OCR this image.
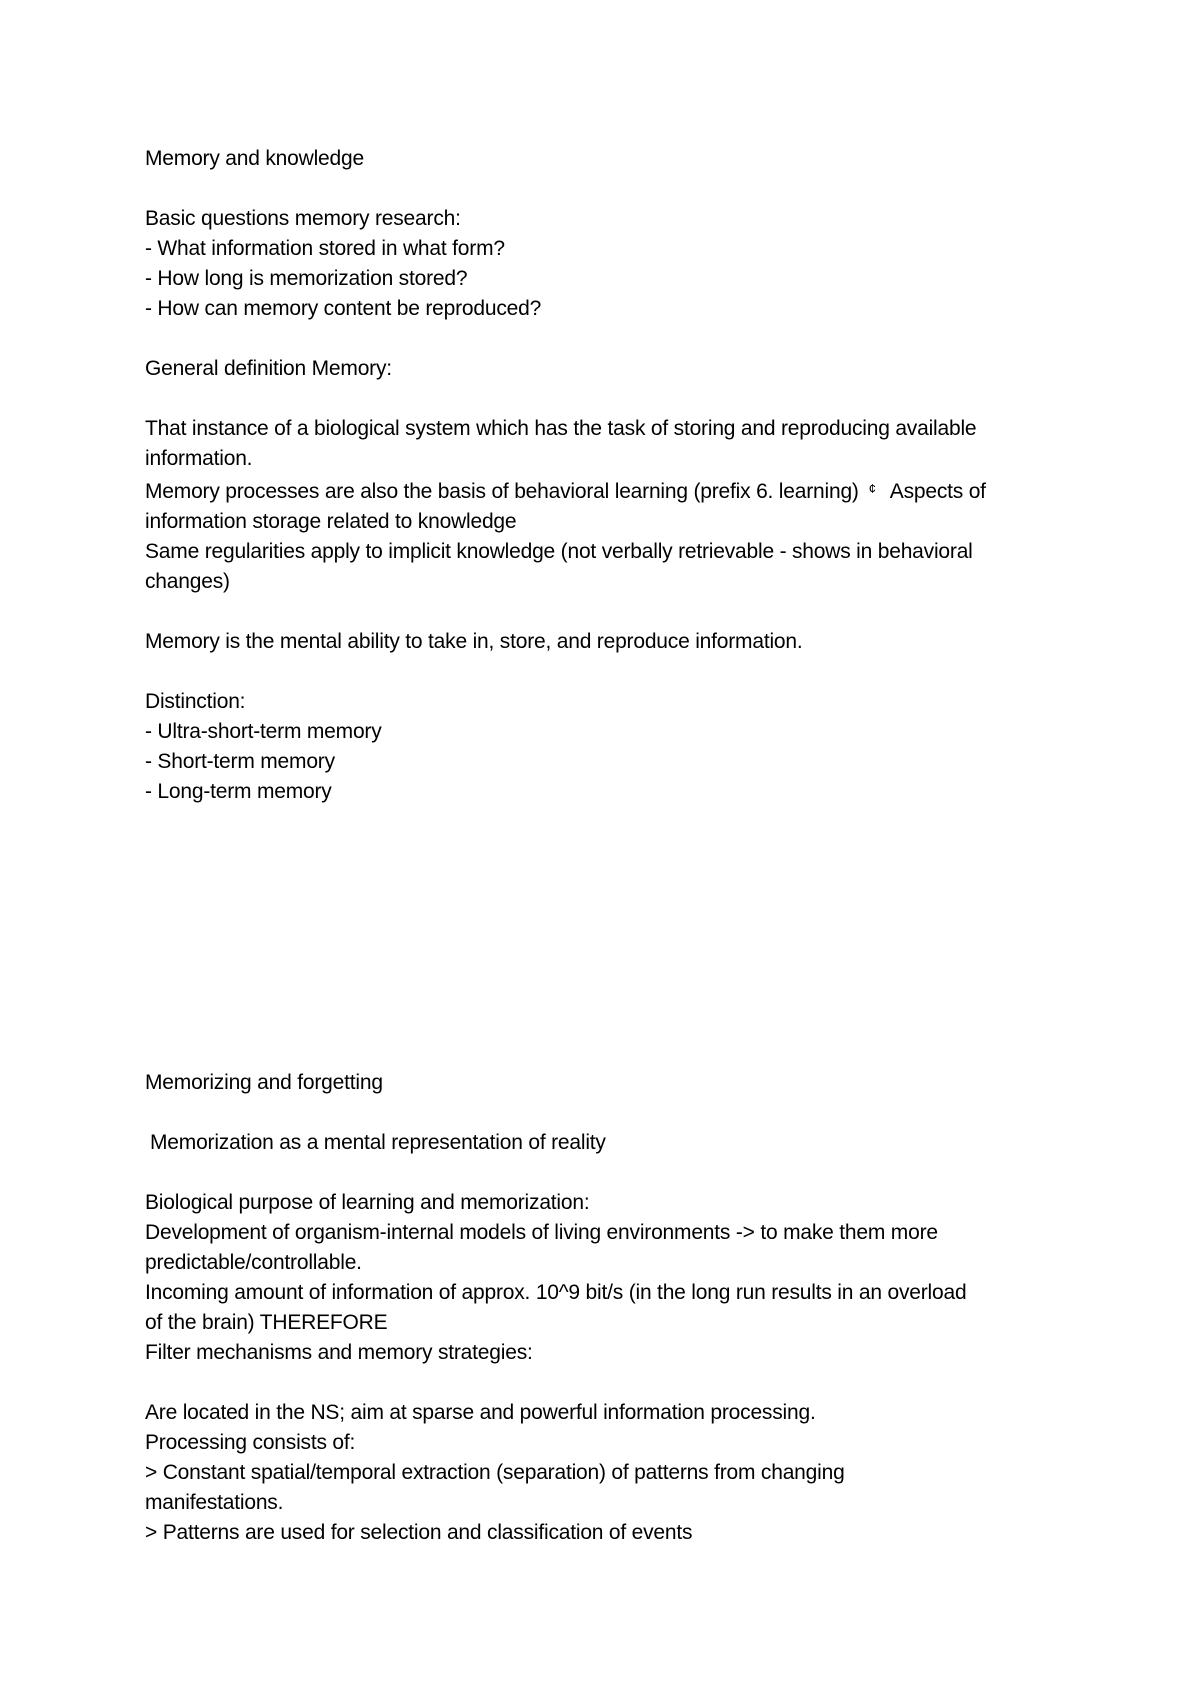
Memory and knowledge

Basic questions memory research:

- What information stored in what form?

- How long is memorization stored?

- How can memory content be reproduced?

General definition Memory:

That instance of a biological system which has the task of storing and reproducing available

information.

Memory processes are also the basis of behavioral learning (prefix 6. learning) ¢ Aspects of

information storage related to knowledge

Same regularities apply to implicit knowledge (not verbally retrievable - shows in behavioral

changes)

Memory is the mental ability to take in, store, and reproduce information.

Distinction:

- Ultra-short-term memory

- Short-term memory

- Long-term memory

Memorizing and forgetting

Memorization as a mental representation of reality

Biological purpose of learning and memorization:

Development of organism-internal models of living environments -> to make them more

predictable/controllable.

Incoming amount of information of approx. 10^9 bit/s (in the long run results in an overload

of the brain) THEREFORE

Filter mechanisms and memory strategies:

Are located in the NS; aim at sparse and powerful information processing.

Processing consists of:

> Constant spatial/temporal extraction (separation) of patterns from changing

manifestations.

> Patterns are used for selection and classification of events
